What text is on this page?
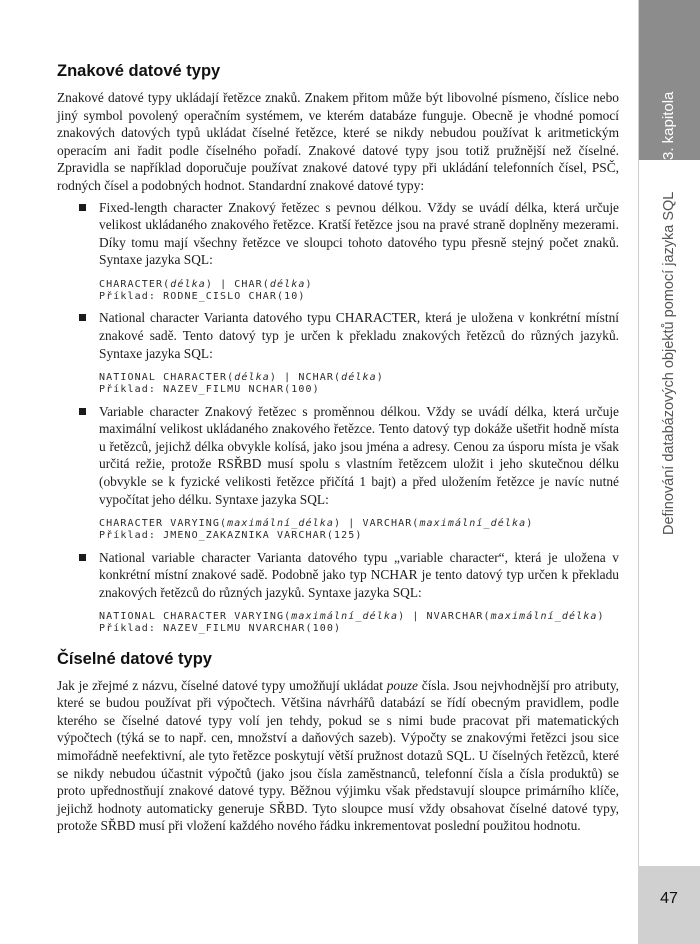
Znakové datové typy

Znakové datové typy ukládají řetězce znaků. Znakem přitom může být libovolné písmeno, číslice nebo jiný symbol povolený operačním systémem, ve kterém databáze funguje. Obecně je vhodné pomocí znakových datových typů ukládat číselné řetězce, které se nikdy nebudou používat k aritmetickým operacím ani řadit podle číselného pořadí. Znakové datové typy jsou totiž pružnější než číselné. Zpravidla se například doporučuje používat znakové datové typy při ukládání telefonních čísel, PSČ, rodných čísel a podobných hodnot. Standardní znakové datové typy:

Fixed-length character Znakový řetězec s pevnou délkou. Vždy se uvádí délka, která určuje velikost ukládaného znakového řetězce. Kratší řetězce jsou na pravé straně doplněny mezerami. Díky tomu mají všechny řetězce ve sloupci tohoto datového typu přesně stejný počet znaků. Syntaxe jazyka SQL:

CHARACTER(délka) | CHAR(délka)
Příklad: RODNE_CISLO CHAR(10)

National character Varianta datového typu CHARACTER, která je uložena v konkrétní místní znakové sadě. Tento datový typ je určen k překladu znakových řetězců do různých jazyků. Syntaxe jazyka SQL:

NATIONAL CHARACTER(délka) | NCHAR(délka)
Příklad: NAZEV_FILMU NCHAR(100)

Variable character Znakový řetězec s proměnnou délkou. Vždy se uvádí délka, která určuje maximální velikost ukládaného znakového řetězce. Tento datový typ dokáže ušetřit hodně místa u řetězců, jejichž délka obvykle kolísá, jako jsou jména a adresy. Cenou za úsporu místa je však určitá režie, protože RSŘBD musí spolu s vlastním řetězcem uložit i jeho skutečnou délku (obvykle se k fyzické velikosti řetězce přičítá 1 bajt) a před uložením řetězce je navíc nutné vypočítat jeho délku. Syntaxe jazyka SQL:

CHARACTER VARYING(maximální_délka) | VARCHAR(maximální_délka)
Příklad: JMENO_ZAKAZNIKA VARCHAR(125)

National variable character Varianta datového typu „variable character“, která je uložena v konkrétní místní znakové sadě. Podobně jako typ NCHAR je tento datový typ určen k překladu znakových řetězců do různých jazyků. Syntaxe jazyka SQL:

NATIONAL CHARACTER VARYING(maximální_délka) | NVARCHAR(maximální_délka)
Příklad: NAZEV_FILMU NVARCHAR(100)
Číselné datové typy

Jak je zřejmé z názvu, číselné datové typy umožňují ukládat pouze čísla. Jsou nejvhodnější pro atributy, které se budou používat při výpočtech. Většina návrhářů databází se řídí obecným pravidlem, podle kterého se číselné datové typy volí jen tehdy, pokud se s nimi bude pracovat při matematických výpočtech (týká se to např. cen, množství a daňových sazeb). Výpočty se znakovými řetězci jsou sice mimořádně neefektivní, ale tyto řetězce poskytují větší pružnost dotazů SQL. U číselných řetězců, které se nikdy nebudou účastnit výpočtů (jako jsou čísla zaměstnanců, telefonní čísla a čísla produktů) se proto upřednostňují znakové datové typy. Běžnou výjimku však představují sloupce primárního klíče, jejichž hodnoty automaticky generuje SŘBD. Tyto sloupce musí vždy obsahovat číselné datové typy, protože SŘBD musí při vložení každého nového řádku inkrementovat poslední použitou hodnotu.

3. kapitola
Definování databázových objektů pomocí jazyka SQL
47
